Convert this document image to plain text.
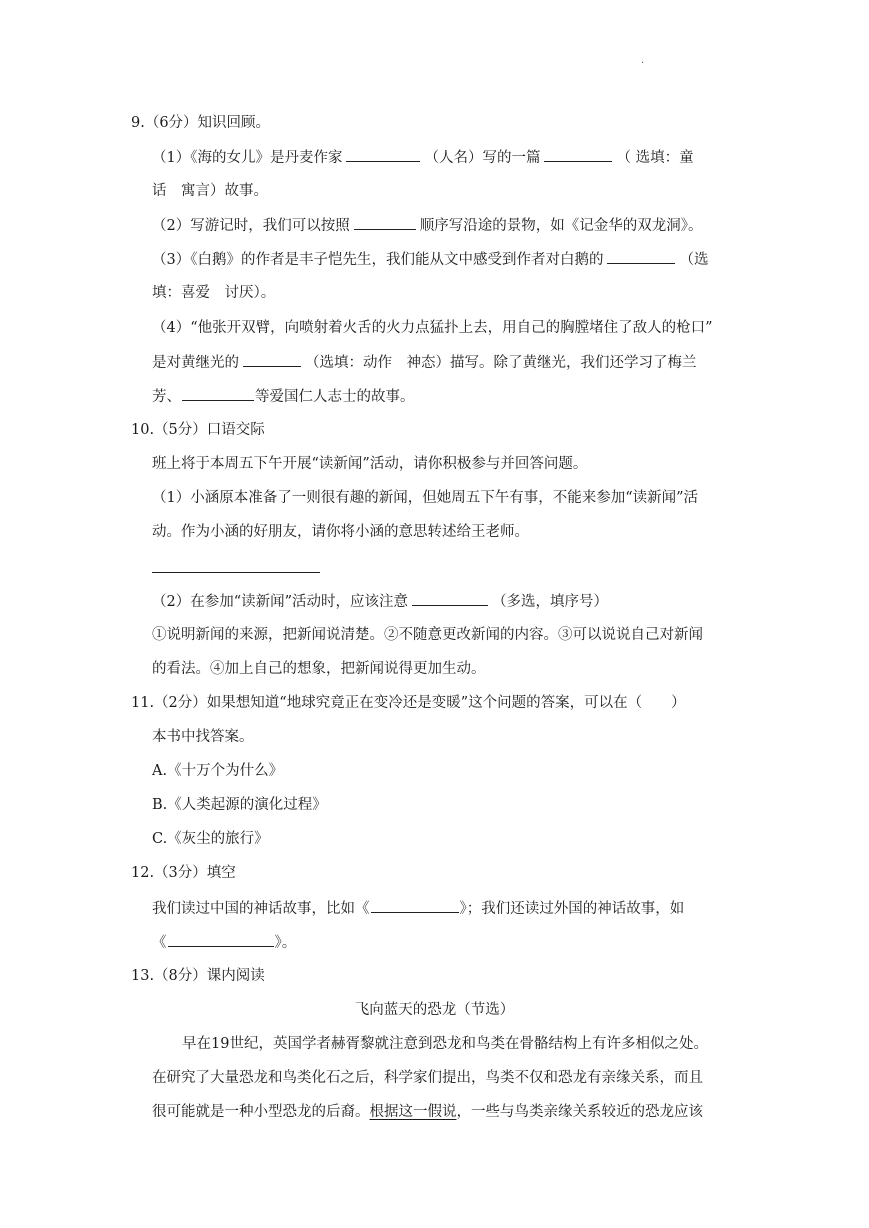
·
9.（6分）知识回顾。
（1）《海的女儿》是丹麦作家	（人名）写的一篇	（ 选填：童
话　寓言）故事。
（2）写游记时，我们可以按照	顺序写沿途的景物，如《记金华的双龙洞》。
（3）《白鹅》的作者是丰子恺先生，我们能从文中感受到作者对白鹅的	（选
填：喜爱　讨厌）。
（4）“他张开双臂，向喷射着火舌的火力点猛扑上去，用自己的胸膛堵住了敌人的枪口”
是对黄继光的	（选填：动作　神态）描写。除了黄继光，我们还学习了梅兰
芳、	等爱国仁人志士的故事。
10.（5分）口语交际
班上将于本周五下午开展“读新闻”活动，请你积极参与并回答问题。
（1）小涵原本准备了一则很有趣的新闻，但她周五下午有事，不能来参加“读新闻”活
动。作为小涵的好朋友，请你将小涵的意思转述给王老师。
（2）在参加“读新闻”活动时，应该注意	（多选，填序号）
①说明新闻的来源，把新闻说清楚。②不随意更改新闻的内容。③可以说说自己对新闻
的看法。④加上自己的想象，把新闻说得更加生动。
11.（2分）如果想知道“地球究竟正在变冷还是变暖”这个问题的答案，可以在（　　）
本书中找答案。
A.《十万个为什么》
B.《人类起源的演化过程》
C.《灰尘的旅行》
12.（3分）填空
我们读过中国的神话故事，比如《	》；我们还读过外国的神话故事，如
《	》。
13.（8分）课内阅读
飞向蓝天的恐龙（节选）
早在19世纪，英国学者赫胥黎就注意到恐龙和鸟类在骨骼结构上有许多相似之处。
在研究了大量恐龙和鸟类化石之后，科学家们提出，鸟类不仅和恐龙有亲缘关系，而且
很可能就是一种小型恐龙的后裔。根据这一假说，一些与鸟类亲缘关系较近的恐龙应该
